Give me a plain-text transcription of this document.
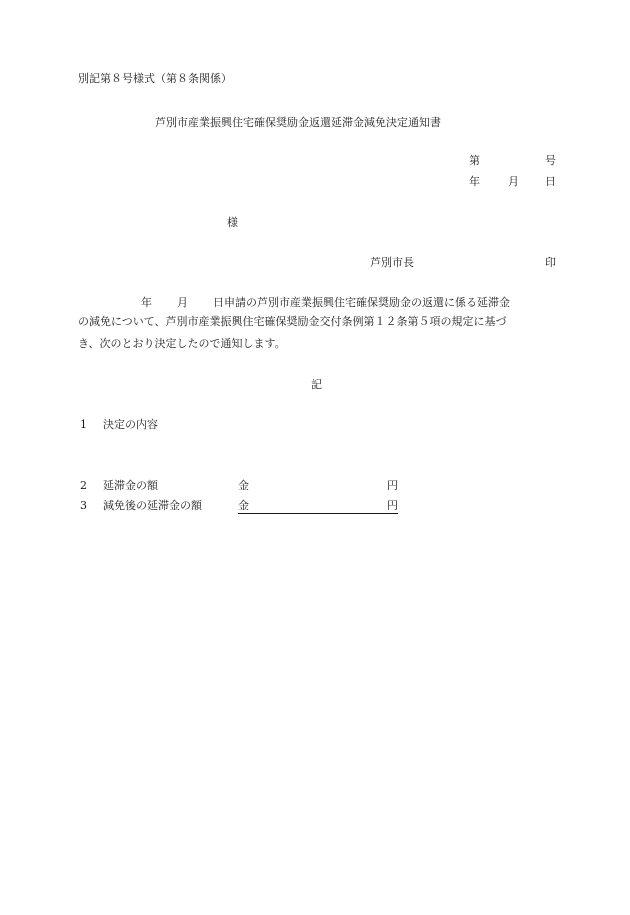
別記第８号様式（第８条関係）
芦別市産業振興住宅確保奨励金返還延滞金減免決定通知書
第	号
年	月 日
様
芦別市長	印
年 月 日申請の芦別市産業振興住宅確保奨励金の返還に係る延滞金
の減免について、芦別市産業振興住宅確保奨励金交付条例第１２条第５項の規定に基づ
き、次のとおり決定したので通知します。
記
1 決定の内容
2 延滞金の額	金	円
3 減免後の延滞金の額	金	円
